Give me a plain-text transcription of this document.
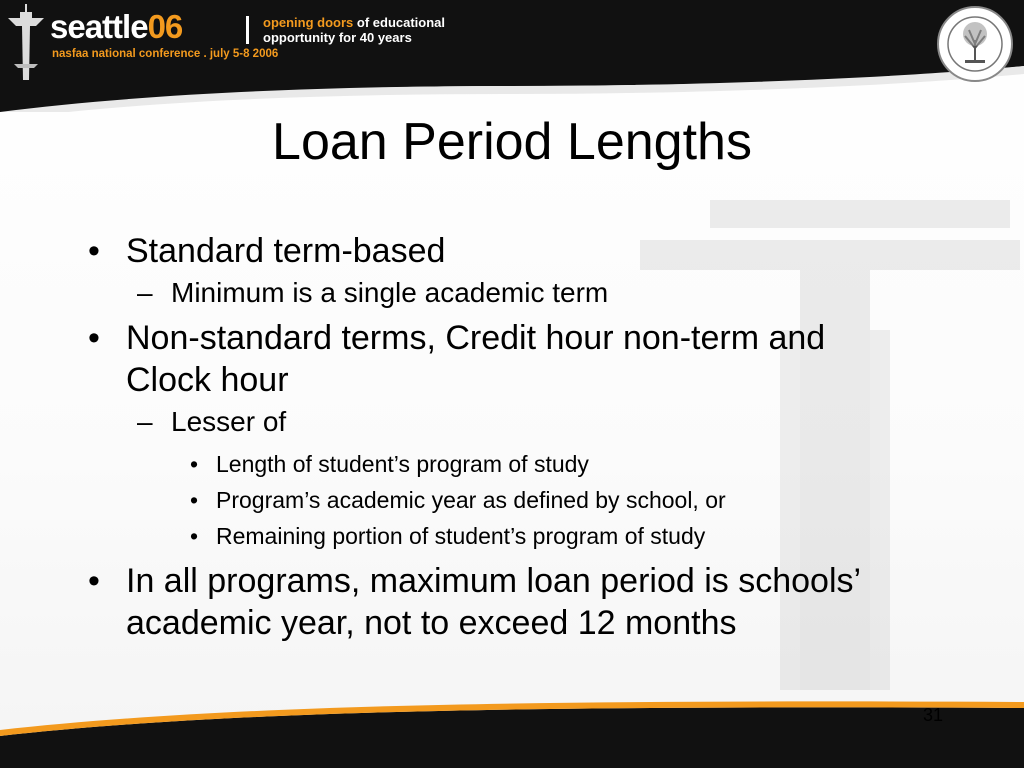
seattle06
nasfaa national conference . july 5-8 2006
opening doors of educational
opportunity for 40 years
Loan Period Lengths
• Standard term-based
– Minimum is a single academic term
• Non-standard terms, Credit hour non-term and Clock hour
– Lesser of
• Length of student’s program of study
• Program’s academic year as defined by school, or
• Remaining portion of student’s program of study
• In all programs, maximum loan period is schools’ academic year, not to exceed 12 months
31
